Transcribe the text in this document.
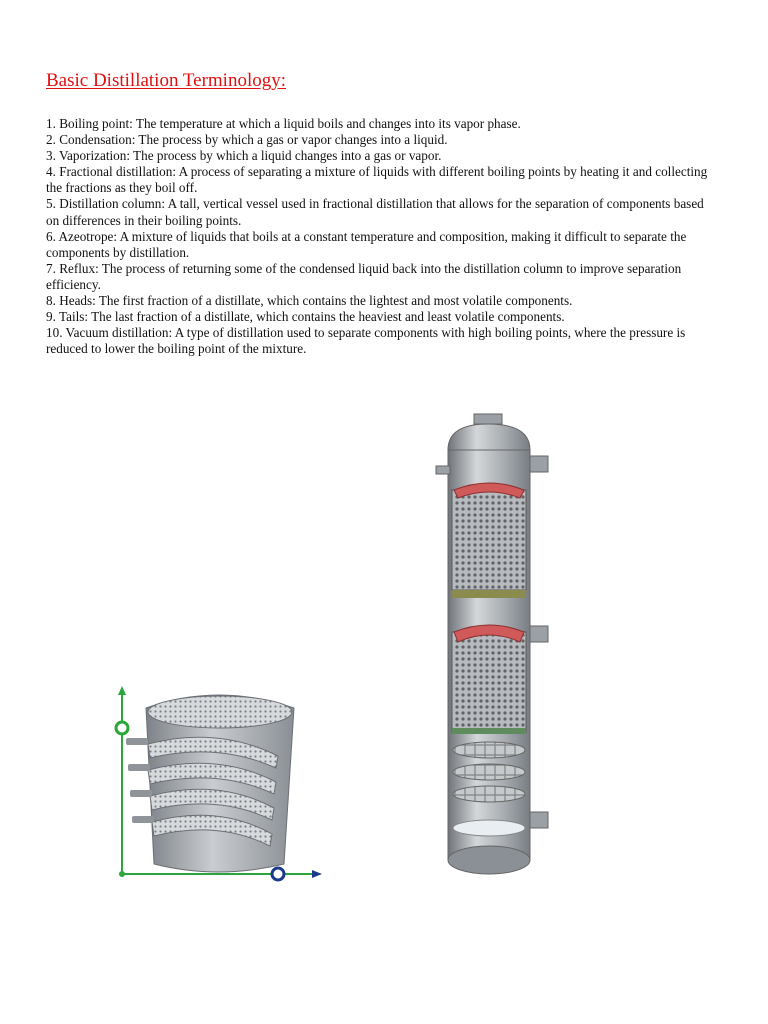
Basic Distillation Terminology:
1. Boiling point: The temperature at which a liquid boils and changes into its vapor phase.
2. Condensation: The process by which a gas or vapor changes into a liquid.
3. Vaporization: The process by which a liquid changes into a gas or vapor.
4. Fractional distillation: A process of separating a mixture of liquids with different boiling points by heating it and collecting the fractions as they boil off.
5. Distillation column: A tall, vertical vessel used in fractional distillation that allows for the separation of components based on differences in their boiling points.
6. Azeotrope: A mixture of liquids that boils at a constant temperature and composition, making it difficult to separate the components by distillation.
7. Reflux: The process of returning some of the condensed liquid back into the distillation column to improve separation efficiency.
8. Heads: The first fraction of a distillate, which contains the lightest and most volatile components.
9. Tails: The last fraction of a distillate, which contains the heaviest and least volatile components.
10. Vacuum distillation: A type of distillation used to separate components with high boiling points, where the pressure is reduced to lower the boiling point of the mixture.
